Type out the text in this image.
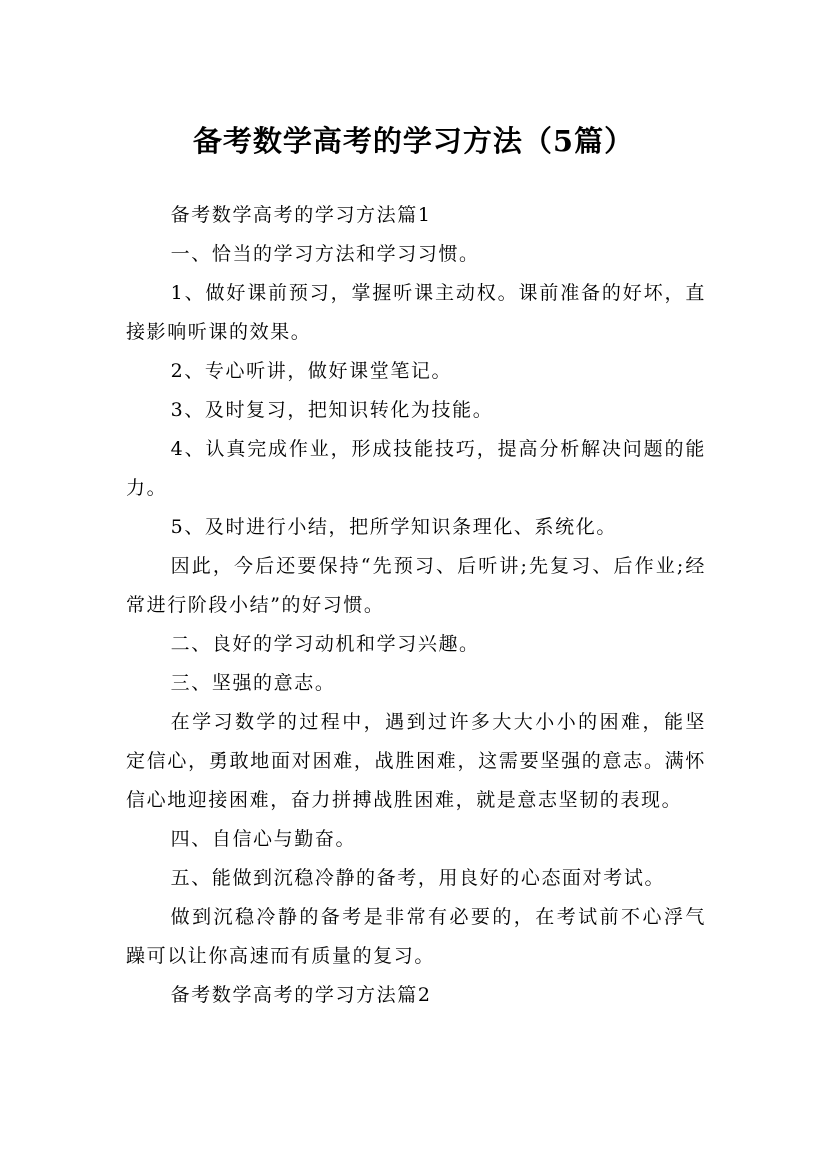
备考数学高考的学习方法（5篇）

备考数学高考的学习方法篇1

一、恰当的学习方法和学习习惯。

1、做好课前预习，掌握听课主动权。课前准备的好坏，直接影响听课的效果。

2、专心听讲，做好课堂笔记。

3、及时复习，把知识转化为技能。

4、认真完成作业，形成技能技巧，提高分析解决问题的能力。

5、及时进行小结，把所学知识条理化、系统化。

因此，今后还要保持“先预习、后听讲;先复习、后作业;经常进行阶段小结”的好习惯。

二、良好的学习动机和学习兴趣。

三、坚强的意志。

在学习数学的过程中，遇到过许多大大小小的困难，能坚定信心，勇敢地面对困难，战胜困难，这需要坚强的意志。满怀信心地迎接困难，奋力拼搏战胜困难，就是意志坚韧的表现。

四、自信心与勤奋。

五、能做到沉稳冷静的备考，用良好的心态面对考试。

做到沉稳冷静的备考是非常有必要的，在考试前不心浮气躁可以让你高速而有质量的复习。

备考数学高考的学习方法篇2
